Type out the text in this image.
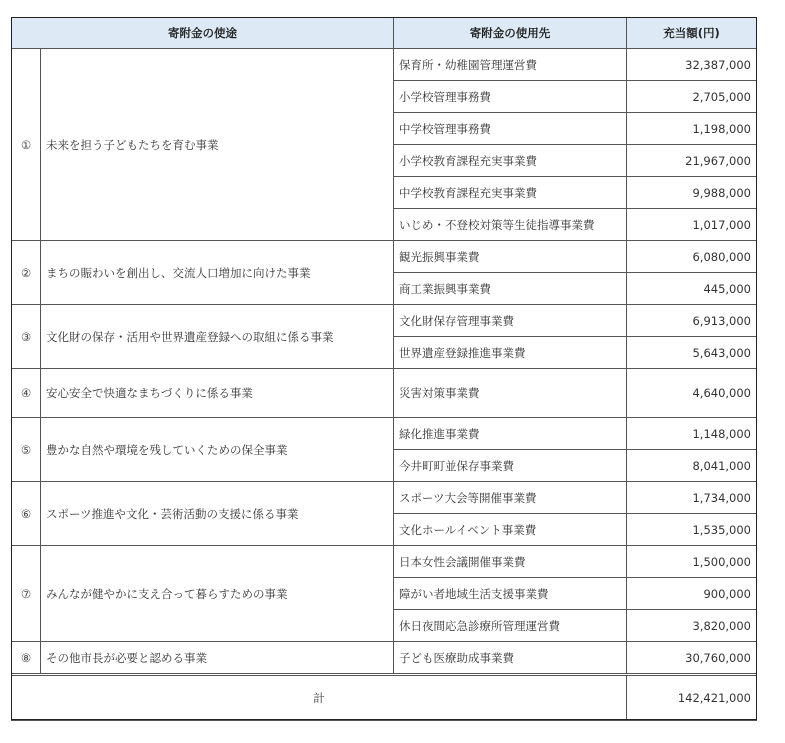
寄附金の使途		寄附金の使用先	充当額(円)
①	未来を担う子どもたちを育む事業	保育所・幼稚園管理運営費	32,387,000
		小学校管理事務費	2,705,000
		中学校管理事務費	1,198,000
		小学校教育課程充実事業費	21,967,000
		中学校教育課程充実事業費	9,988,000
		いじめ・不登校対策等生徒指導事業費	1,017,000
②	まちの賑わいを創出し、交流人口増加に向けた事業	観光振興事業費	6,080,000
		商工業振興事業費	445,000
③	文化財の保存・活用や世界遺産登録への取組に係る事業	文化財保存管理事業費	6,913,000
		世界遺産登録推進事業費	5,643,000
④	安心安全で快適なまちづくりに係る事業	災害対策事業費	4,640,000
⑤	豊かな自然や環境を残していくための保全事業	緑化推進事業費	1,148,000
		今井町町並保存事業費	8,041,000
⑥	スポーツ推進や文化・芸術活動の支援に係る事業	スポーツ大会等開催事業費	1,734,000
		文化ホールイベント事業費	1,535,000
⑦	みんなが健やかに支え合って暮らすための事業	日本女性会議開催事業費	1,500,000
		障がい者地域生活支援事業費	900,000
		休日夜間応急診療所管理運営費	3,820,000
⑧	その他市長が必要と認める事業	子ども医療助成事業費	30,760,000
計			142,421,000
